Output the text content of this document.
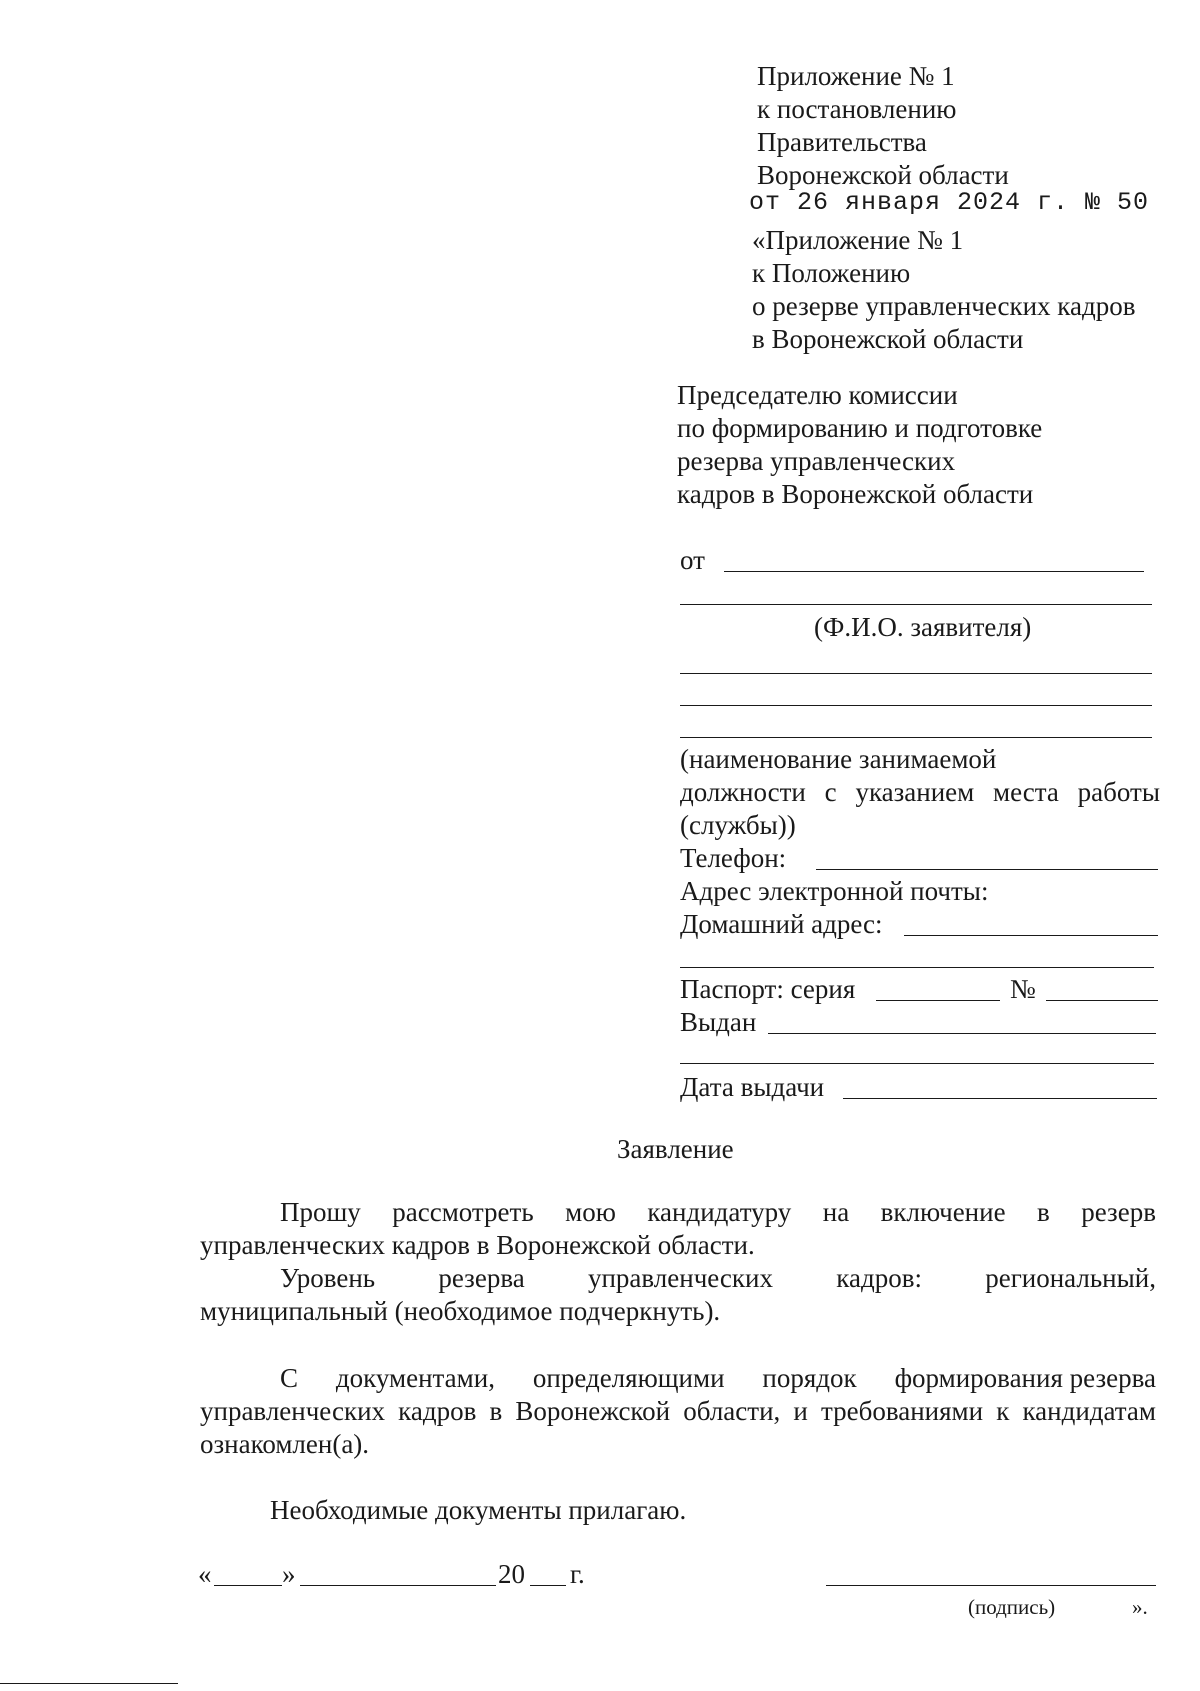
Приложение № 1
к постановлению
Правительства
Воронежской области
от 26 января 2024 г. № 50
«Приложение № 1
к Положению
о резерве управленческих кадров
в Воронежской области
Председателю комиссии
по формированию и подготовке
резерва управленческих
кадров в Воронежской области
от
(Ф.И.О. заявителя)
(наименование занимаемой
должности с указанием места работы
(службы))
Телефон:
Адрес электронной почты:
Домашний адрес:
Паспорт: серия	№
Выдан
Дата выдачи
Заявление
Прошу рассмотреть мою кандидатуру на включение в резерв
управленческих кадров в Воронежской области.
Уровень резерва управленческих кадров: региональный,
муниципальный (необходимое подчеркнуть).
С документами, определяющими порядок формирования резерва
управленческих кадров в Воронежской области, и требованиями к кандидатам
ознакомлен(а).
Необходимые документы прилагаю.
«	»	20 г.
(подпись)	».
